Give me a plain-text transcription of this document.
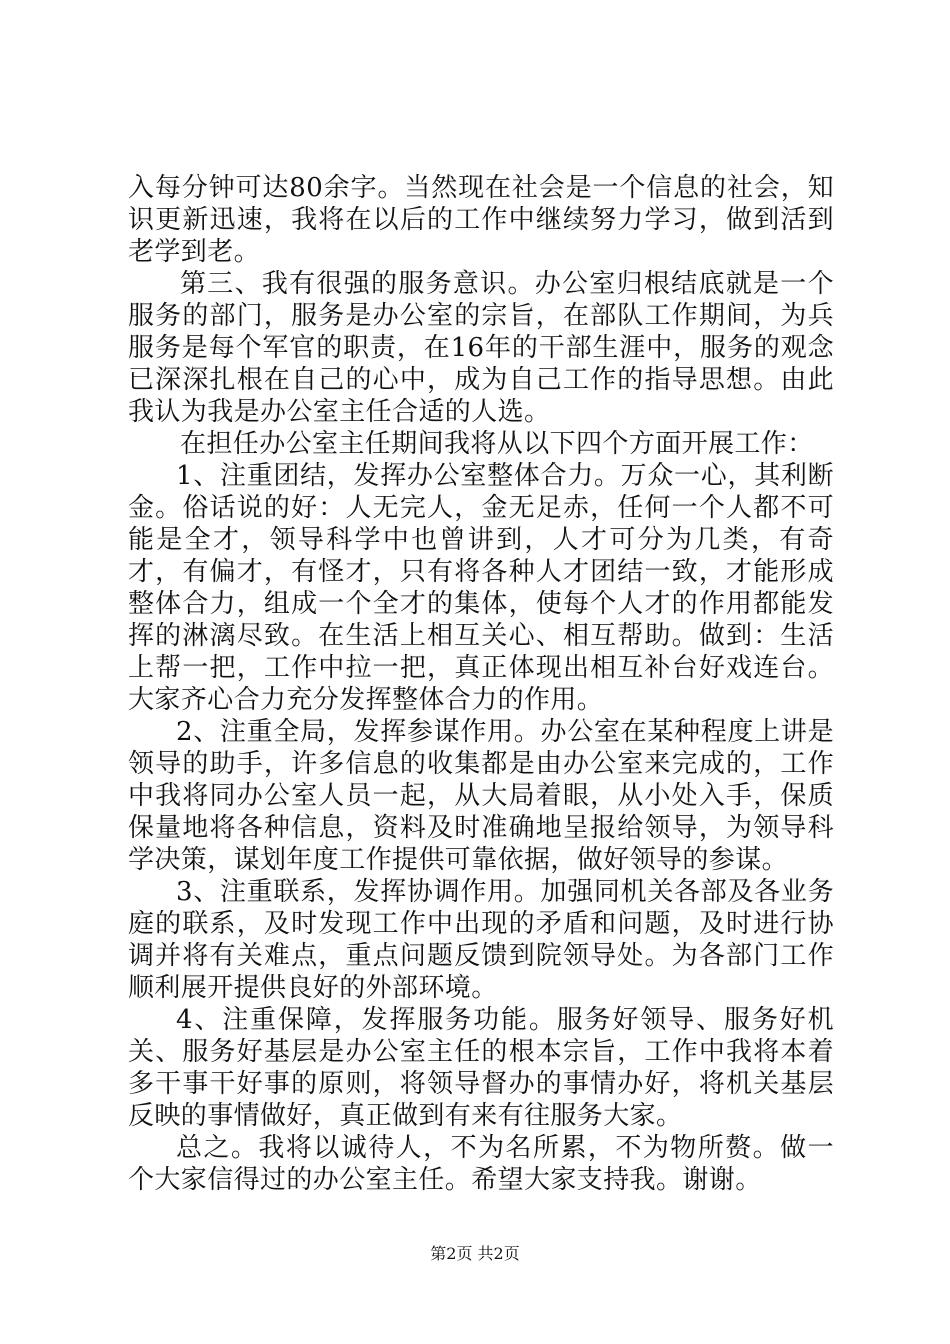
入每分钟可达80余字。当然现在社会是一个信息的社会，知识更新迅速，我将在以后的工作中继续努力学习，做到活到老学到老。

第三、我有很强的服务意识。办公室归根结底就是一个服务的部门，服务是办公室的宗旨，在部队工作期间，为兵服务是每个军官的职责，在16年的干部生涯中，服务的观念已深深扎根在自己的心中，成为自己工作的指导思想。由此我认为我是办公室主任合适的人选。

在担任办公室主任期间我将从以下四个方面开展工作：

1、注重团结，发挥办公室整体合力。万众一心，其利断金。俗话说的好：人无完人，金无足赤，任何一个人都不可能是全才，领导科学中也曾讲到，人才可分为几类，有奇才，有偏才，有怪才，只有将各种人才团结一致，才能形成整体合力，组成一个全才的集体，使每个人才的作用都能发挥的淋漓尽致。在生活上相互关心、相互帮助。做到：生活上帮一把，工作中拉一把，真正体现出相互补台好戏连台。大家齐心合力充分发挥整体合力的作用。

2、注重全局，发挥参谋作用。办公室在某种程度上讲是领导的助手，许多信息的收集都是由办公室来完成的，工作中我将同办公室人员一起，从大局着眼，从小处入手，保质保量地将各种信息，资料及时准确地呈报给领导，为领导科学决策，谋划年度工作提供可靠依据，做好领导的参谋。

3、注重联系，发挥协调作用。加强同机关各部及各业务庭的联系，及时发现工作中出现的矛盾和问题，及时进行协调并将有关难点，重点问题反馈到院领导处。为各部门工作顺利展开提供良好的外部环境。

4、注重保障，发挥服务功能。服务好领导、服务好机关、服务好基层是办公室主任的根本宗旨，工作中我将本着多干事干好事的原则，将领导督办的事情办好，将机关基层反映的事情做好，真正做到有来有往服务大家。

总之。我将以诚待人，不为名所累，不为物所赘。做一个大家信得过的办公室主任。希望大家支持我。谢谢。

第2页 共2页
